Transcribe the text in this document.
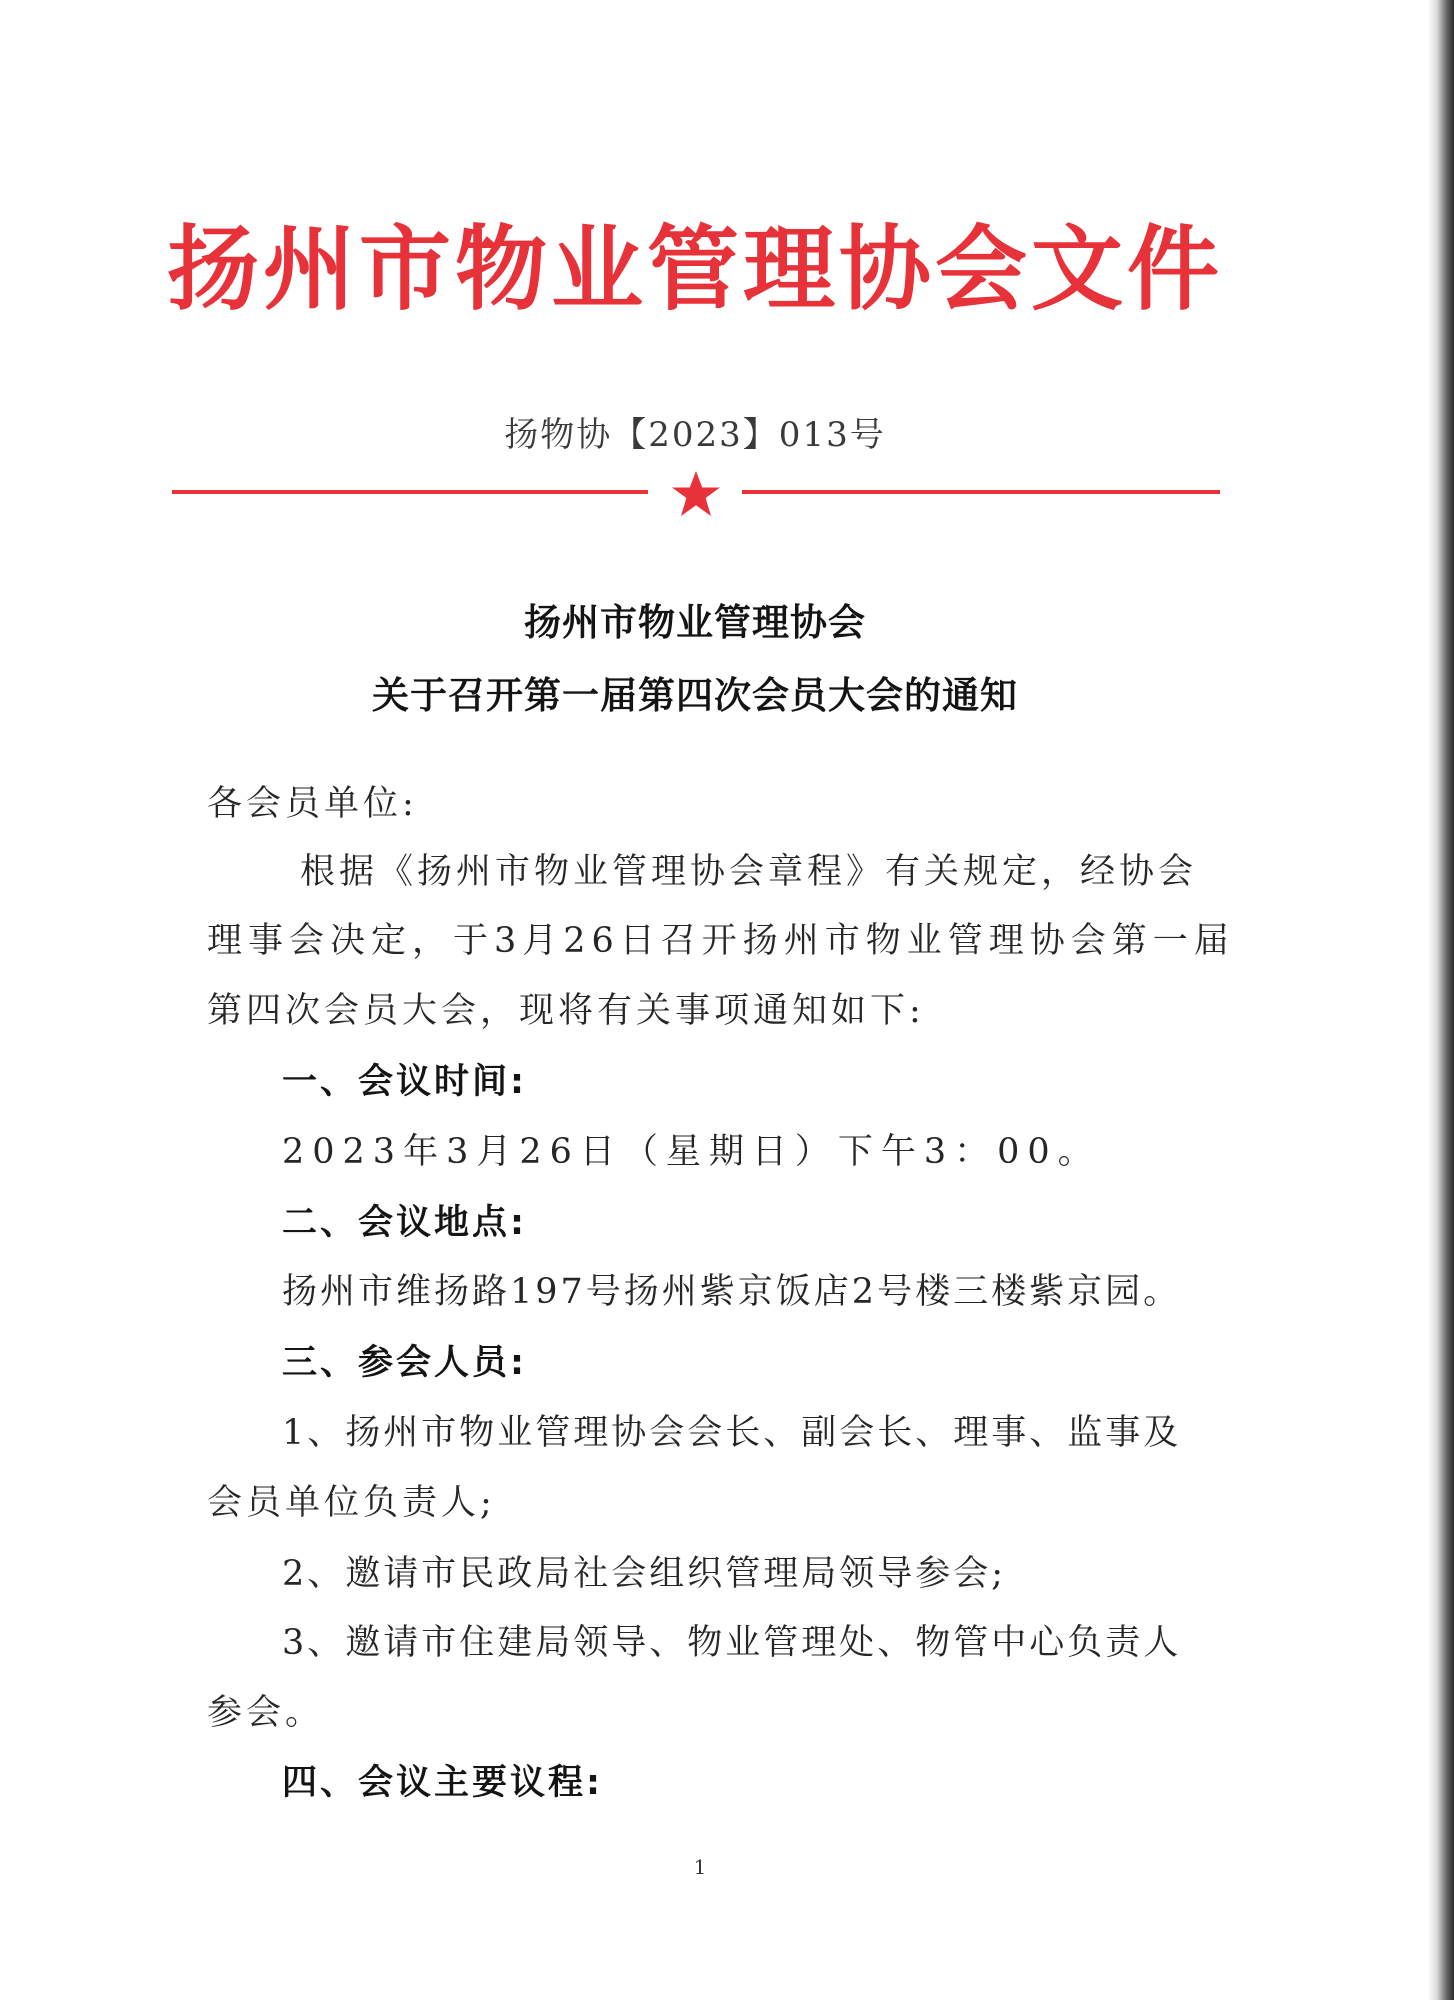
扬州市物业管理协会文件
扬物协【2023】013号
扬州市物业管理协会
关于召开第一届第四次会员大会的通知
各会员单位:
根据《扬州市物业管理协会章程》有关规定，经协会
理事会决定，于3月26日召开扬州市物业管理协会第一届
第四次会员大会，现将有关事项通知如下:
一、会议时间:
2023年3月26日（星期日）下午3：00。
二、会议地点:
扬州市维扬路197号扬州紫京饭店2号楼三楼紫京园。
三、参会人员:
1、扬州市物业管理协会会长、副会长、理事、监事及
会员单位负责人;
2、邀请市民政局社会组织管理局领导参会;
3、邀请市住建局领导、物业管理处、物管中心负责人
参会。
四、会议主要议程:
1
